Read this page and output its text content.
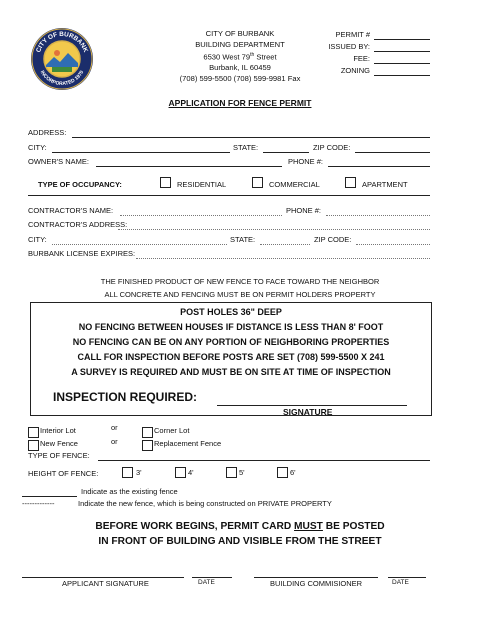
CITY OF BURBANK
INCORPORATED 1970
CITY OF BURBANK
BUILDING DEPARTMENT
6530 West 79th Street
Burbank, IL 60459
(708) 599-5500 (708) 599-9981 Fax
PERMIT #
ISSUED BY:
FEE:
ZONING
APPLICATION FOR FENCE PERMIT
ADDRESS:
CITY:	STATE:	ZIP CODE:
OWNER'S NAME:	PHONE #:
TYPE OF OCCUPANCY:	RESIDENTIAL	COMMERCIAL	APARTMENT
CONTRACTOR'S NAME:	PHONE #:
CONTRACTOR'S ADDRESS:
CITY:	STATE:	ZIP CODE:
BURBANK LICENSE EXPIRES:
THE FINISHED PRODUCT OF NEW FENCE TO FACE TOWARD THE NEIGHBOR
ALL CONCRETE AND FENCING MUST BE ON PERMIT HOLDERS PROPERTY
POST HOLES 36" DEEP
NO FENCING BETWEEN HOUSES IF DISTANCE IS LESS THAN 8' FOOT
NO FENCING CAN BE ON ANY PORTION OF NEIGHBORING PROPERTIES
CALL FOR INSPECTION BEFORE POSTS ARE SET (708) 599-5500 X 241
A SURVEY IS REQUIRED AND MUST BE ON SITE AT TIME OF INSPECTION
INSPECTION REQUIRED:
SIGNATURE
Interior Lot	or	Corner Lot
New Fence	or	Replacement Fence
TYPE OF FENCE:
HEIGHT OF FENCE:	3'	4'	5'	6'
Indicate as the existing fence
-------------	Indicate the new fence, which is being constructed on PRIVATE PROPERTY
BEFORE WORK BEGINS, PERMIT CARD MUST BE POSTED
IN FRONT OF BUILDING AND VISIBLE FROM THE STREET
APPLICANT SIGNATURE	DATE	BUILDING COMMISIONER	DATE
